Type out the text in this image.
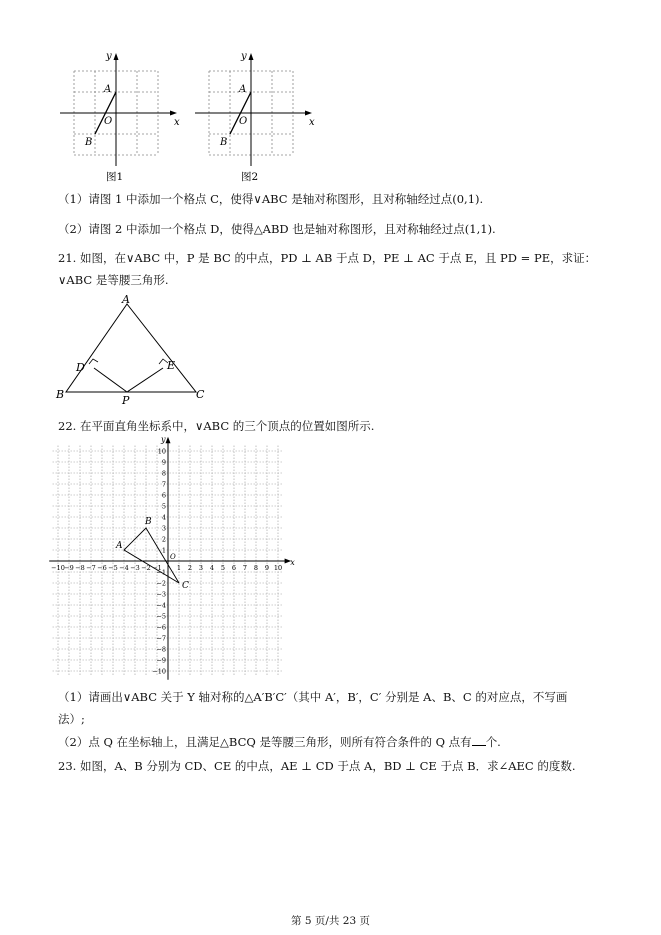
x
y
O
A
B
图1
x
y
O
A
B
图2
（1）请图 1 中添加一个格点 C，使得∨ABC 是轴对称图形，且对称轴经过点(0,1).
（2）请图 2 中添加一个格点 D，使得△ABD 也是轴对称图形，且对称轴经过点(1,1).
21. 如图，在∨ABC 中，P 是 BC 的中点，PD ⊥ AB 于点 D，PE ⊥ AC 于点 E，且 PD = PE，求证：
∨ABC 是等腰三角形.
A
B	C
D	E
P
22. 在平面直角坐标系中，∨ABC 的三个顶点的位置如图所示.
x
y
O
−10 −9 −8 −7 −6 −5 −4 −3 −2 −1 1 2 3 4 5 6 7 8 9 10
10
9
8
7
6
5
4
3
2
1
−1
−2
−3
−4
−5
−6
−7
−8
−9
−10
A
B
C
（1）请画出∨ABC 关于 Y 轴对称的△A′B′C′（其中 A′，B′，C′ 分别是 A、B、C 的对应点，不写画
法）;
（2）点 Q 在坐标轴上，且满足△BCQ 是等腰三角形，则所有符合条件的 Q 点有 个.
23. 如图，A、B 分别为 CD、CE 的中点，AE ⊥ CD 于点 A，BD ⊥ CE 于点 B．求∠AEC 的度数.
第 5 页/共 23 页
